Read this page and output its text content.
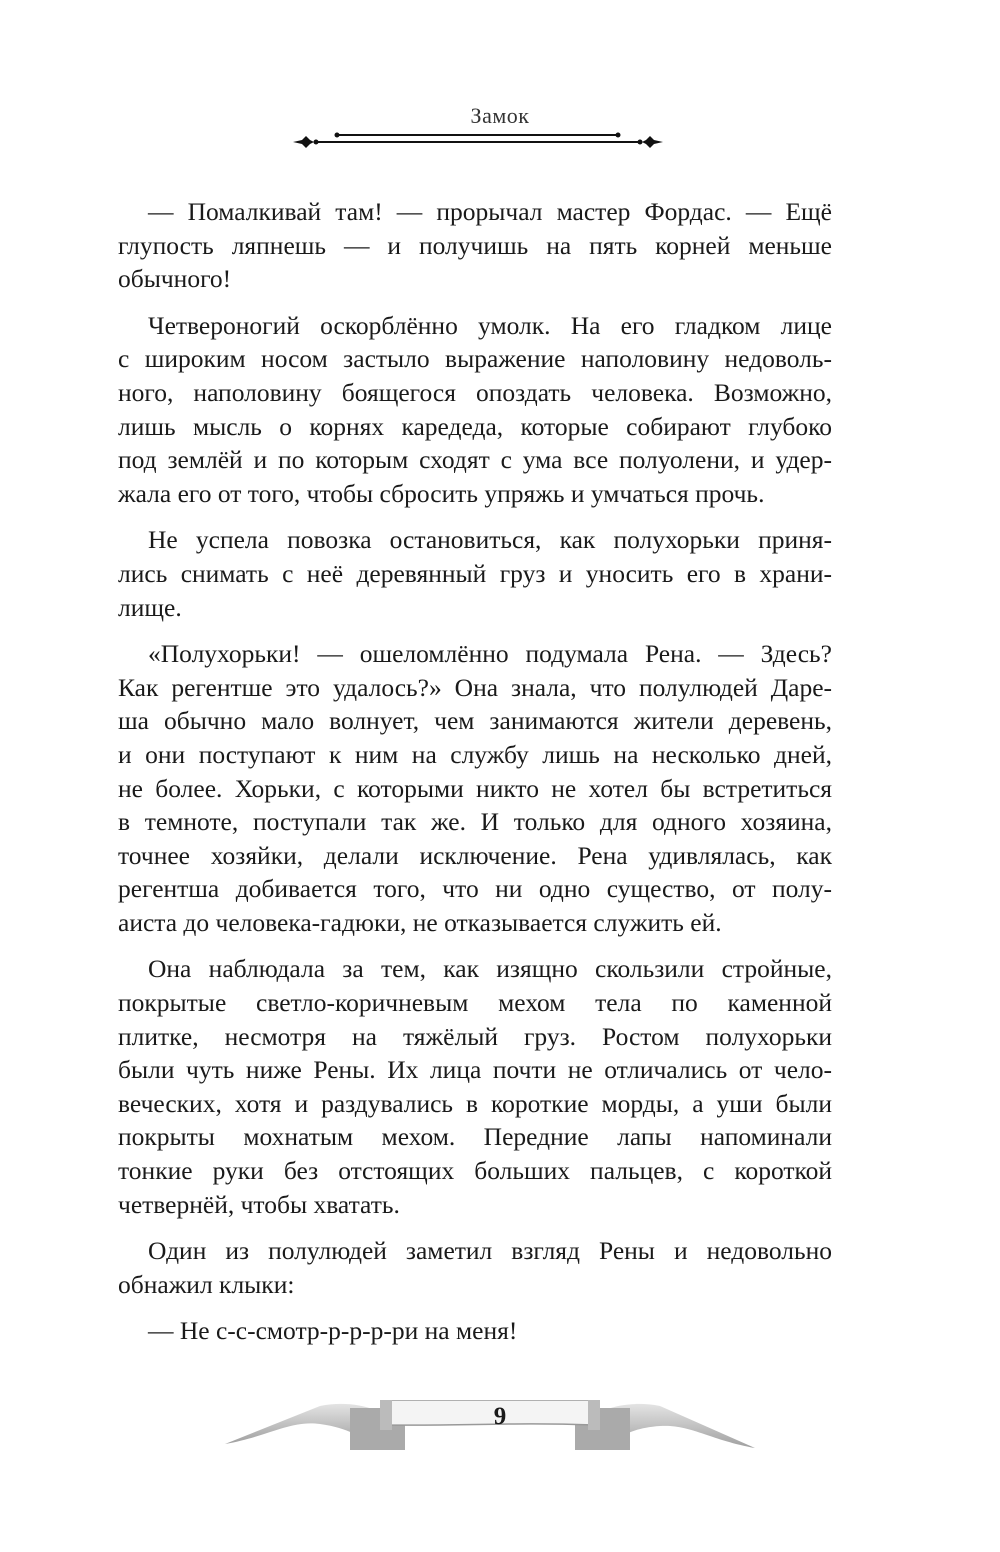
Замок
— Помалкивай там! — прорычал мастер Фордас. — Ещё
глупость ляпнешь — и получишь на пять корней меньше
обычного!
Четвероногий оскорблённо умолк. На его гладком лице
с широким носом застыло выражение наполовину недоволь-
ного, наполовину боящегося опоздать человека. Возможно,
лишь мысль о корнях каредеда, которые собирают глубоко
под землёй и по которым сходят с ума все полуолени, и удер-
жала его от того, чтобы сбросить упряжь и умчаться прочь.
Не успела повозка остановиться, как полухорьки приня-
лись снимать с неё деревянный груз и уносить его в храни-
лище.
«Полухорьки! — ошеломлённо подумала Рена. — Здесь?
Как регентше это удалось?» Она знала, что полулюдей Даре-
ша обычно мало волнует, чем занимаются жители деревень,
и они поступают к ним на службу лишь на несколько дней,
не более. Хорьки, с которыми никто не хотел бы встретиться
в темноте, поступали так же. И только для одного хозяина,
точнее хозяйки, делали исключение. Рена удивлялась, как
регентша добивается того, что ни одно существо, от полу-
аиста до человека-гадюки, не отказывается служить ей.
Она наблюдала за тем, как изящно скользили стройные,
покрытые светло-коричневым мехом тела по каменной
плитке, несмотря на тяжёлый груз. Ростом полухорьки
были чуть ниже Рены. Их лица почти не отличались от чело-
веческих, хотя и раздувались в короткие морды, а уши были
покрыты мохнатым мехом. Передние лапы напоминали
тонкие руки без отстоящих больших пальцев, с короткой
четвернёй, чтобы хватать.
Один из полулюдей заметил взгляд Рены и недовольно
обнажил клыки:
— Не с-с-смотр-р-р-р-ри на меня!
9
